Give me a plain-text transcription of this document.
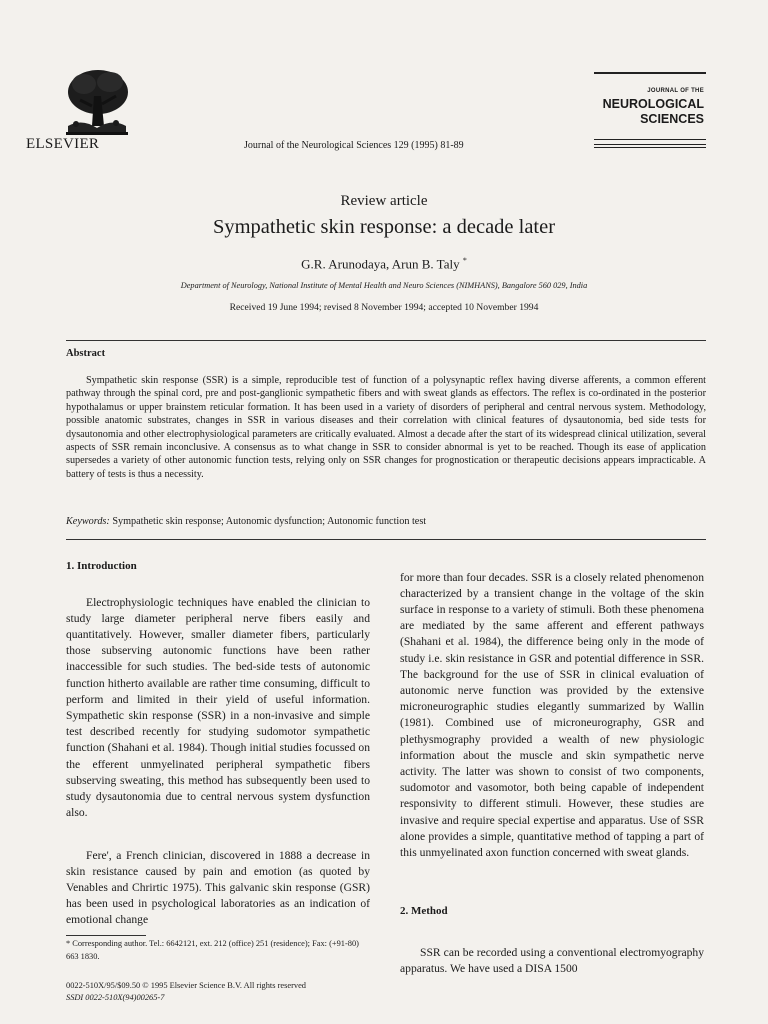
ELSEVIER	Journal of the Neurological Sciences 129 (1995) 81-89
JOURNAL OF THE
NEUROLOGICAL
SCIENCES
Review article
Sympathetic skin response: a decade later
G.R. Arunodaya, Arun B. Taly *
Department of Neurology, National Institute of Mental Health and Neuro Sciences (NIMHANS), Bangalore 560 029, India
Received 19 June 1994; revised 8 November 1994; accepted 10 November 1994
Abstract

Sympathetic skin response (SSR) is a simple, reproducible test of function of a polysynaptic reflex having diverse afferents, a common efferent pathway through the spinal cord, pre and post-ganglionic sympathetic fibers and with sweat glands as effectors. The reflex is co-ordinated in the posterior hypothalamus or upper brainstem reticular formation. It has been used in a variety of disorders of peripheral and central nervous system. Methodology, possible anatomic substrates, changes in SSR in various diseases and their correlation with clinical features of dysautonomia, bed side tests for dysautonomia and other electrophysiological parameters are critically evaluated. Almost a decade after the start of its widespread clinical utilization, several aspects of SSR remain inconclusive. A consensus as to what change in SSR to consider abnormal is yet to be reached. Though its ease of application supersedes a variety of other autonomic function tests, relying only on SSR changes for prognostication or therapeutic decisions appears impracticable. A battery of tests is thus a necessity.

Keywords: Sympathetic skin response; Autonomic dysfunction; Autonomic function test
1. Introduction

Electrophysiologic techniques have enabled the clinician to study large diameter peripheral nerve fibers easily and quantitatively. However, smaller diameter fibers, particularly those subserving autonomic functions have been rather inaccessible for such studies. The bed-side tests of autonomic function hitherto available are rather time consuming, difficult to perform and limited in their yield of useful information. Sympathetic skin response (SSR) in a non-invasive and simple test described recently for studying sudomotor sympathetic function (Shahani et al. 1984). Though initial studies focussed on the efferent unmyelinated peripheral sympathetic fibers subserving sweating, this method has subsequently been used to study dysautonomia due to central nervous system dysfunction also.

Fere', a French clinician, discovered in 1888 a decrease in skin resistance caused by pain and emotion (as quoted by Venables and Chrirtic 1975). This galvanic skin response (GSR) has been used in psychological laboratories as an indication of emotional change

for more than four decades. SSR is a closely related phenomenon characterized by a transient change in the voltage of the skin surface in response to a variety of stimuli. Both these phenomena are mediated by the same afferent and efferent pathways (Shahani et al. 1984), the difference being only in the mode of study i.e. skin resistance in GSR and potential difference in SSR. The background for the use of SSR in clinical evaluation of autonomic nerve function was provided by the extensive microneurographic studies elegantly summarized by Wallin (1981). Combined use of microneurography, GSR and plethysmography provided a wealth of new physiologic information about the muscle and skin sympathetic nerve activity. The latter was shown to consist of two components, sudomotor and vasomotor, both being capable of independent responsivity to different stimuli. However, these studies are invasive and require special expertise and apparatus. Use of SSR alone provides a simple, quantitative method of tapping a part of this unmyelinated axon function concerned with sweat glands.

2. Method

SSR can be recorded using a conventional electromyography apparatus. We have used a DISA 1500

* Corresponding author. Tel.: 6642121, ext. 212 (office) 251 (residence); Fax: (+91-80) 663 1830.
0022-510X/95/$09.50 © 1995 Elsevier Science B.V. All rights reserved
SSDI 0022-510X(94)00265-7
